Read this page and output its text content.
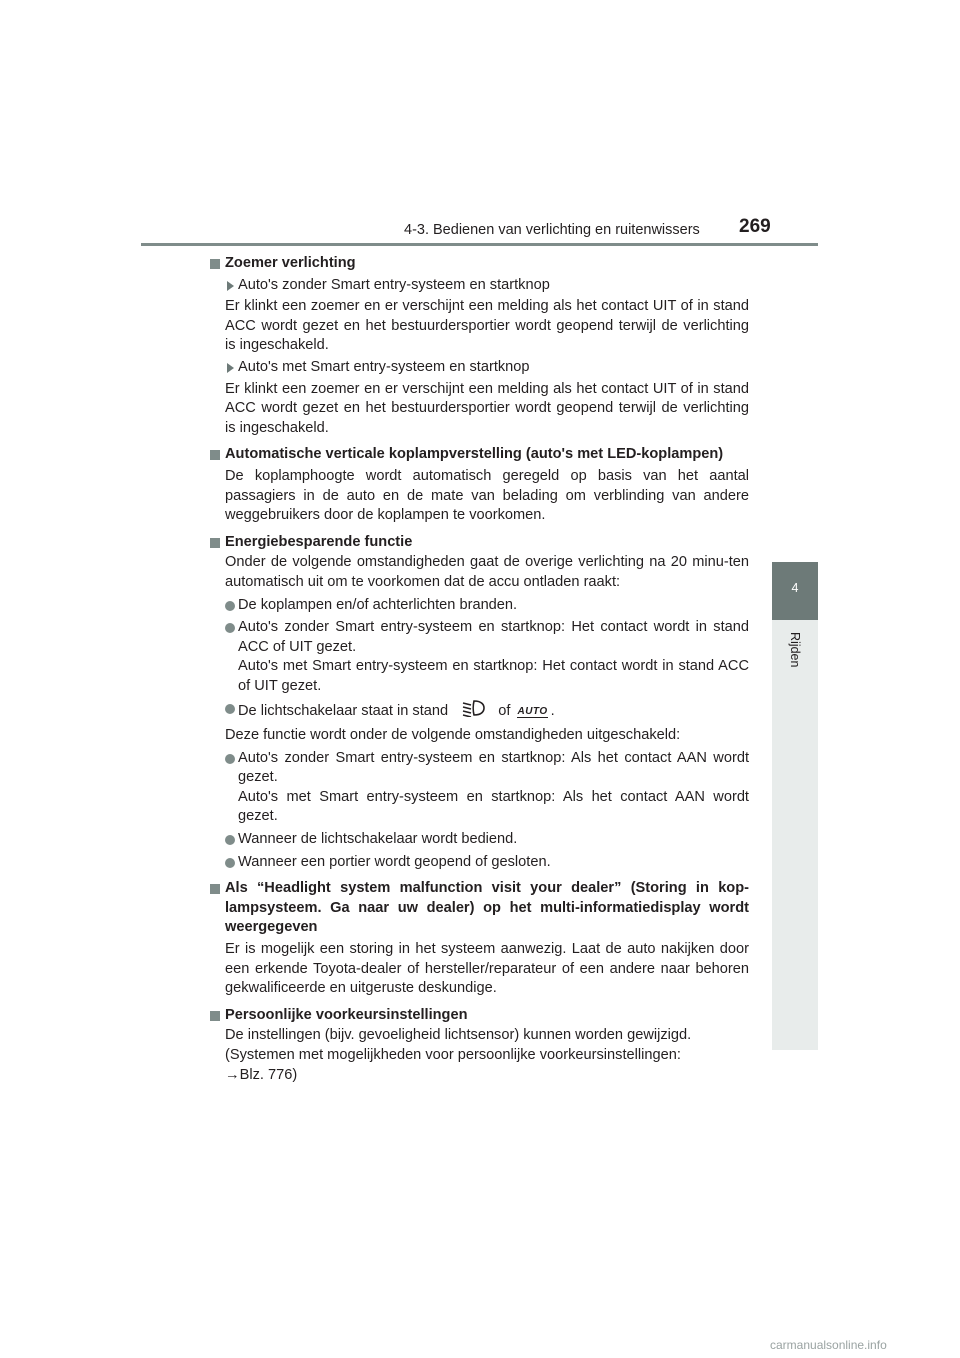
4-3. Bedienen van verlichting en ruitenwissers 269
4
Rijden
Zoemer verlichting
Auto's zonder Smart entry-systeem en startknop
Er klinkt een zoemer en er verschijnt een melding als het contact UIT of in stand ACC wordt gezet en het bestuurdersportier wordt geopend terwijl de verlichting is ingeschakeld.
Auto's met Smart entry-systeem en startknop
Er klinkt een zoemer en er verschijnt een melding als het contact UIT of in stand ACC wordt gezet en het bestuurdersportier wordt geopend terwijl de verlichting is ingeschakeld.
Automatische verticale koplampverstelling (auto's met LED-koplampen)
De koplamphoogte wordt automatisch geregeld op basis van het aantal passagiers in de auto en de mate van belading om verblinding van andere weggebruikers door de koplampen te voorkomen.
Energiebesparende functie
Onder de volgende omstandigheden gaat de overige verlichting na 20 minu-ten automatisch uit om te voorkomen dat de accu ontladen raakt:
De koplampen en/of achterlichten branden.
Auto's zonder Smart entry-systeem en startknop: Het contact wordt in stand ACC of UIT gezet.
Auto's met Smart entry-systeem en startknop: Het contact wordt in stand ACC of UIT gezet.
De lichtschakelaar staat in stand	of AUTO .
Deze functie wordt onder de volgende omstandigheden uitgeschakeld:
Auto's zonder Smart entry-systeem en startknop: Als het contact AAN wordt gezet.
Auto's met Smart entry-systeem en startknop: Als het contact AAN wordt gezet.
Wanneer de lichtschakelaar wordt bediend.
Wanneer een portier wordt geopend of gesloten.
Als “Headlight system malfunction visit your dealer” (Storing in kop-lampsysteem. Ga naar uw dealer) op het multi-informatiedisplay wordt weergegeven
Er is mogelijk een storing in het systeem aanwezig. Laat de auto nakijken door een erkende Toyota-dealer of hersteller/reparateur of een andere naar behoren gekwalificeerde en uitgeruste deskundige.
Persoonlijke voorkeursinstellingen
De instellingen (bijv. gevoeligheid lichtsensor) kunnen worden gewijzigd.
(Systemen met mogelijkheden voor persoonlijke voorkeursinstellingen:
→Blz. 776)
carmanualsonline.info
